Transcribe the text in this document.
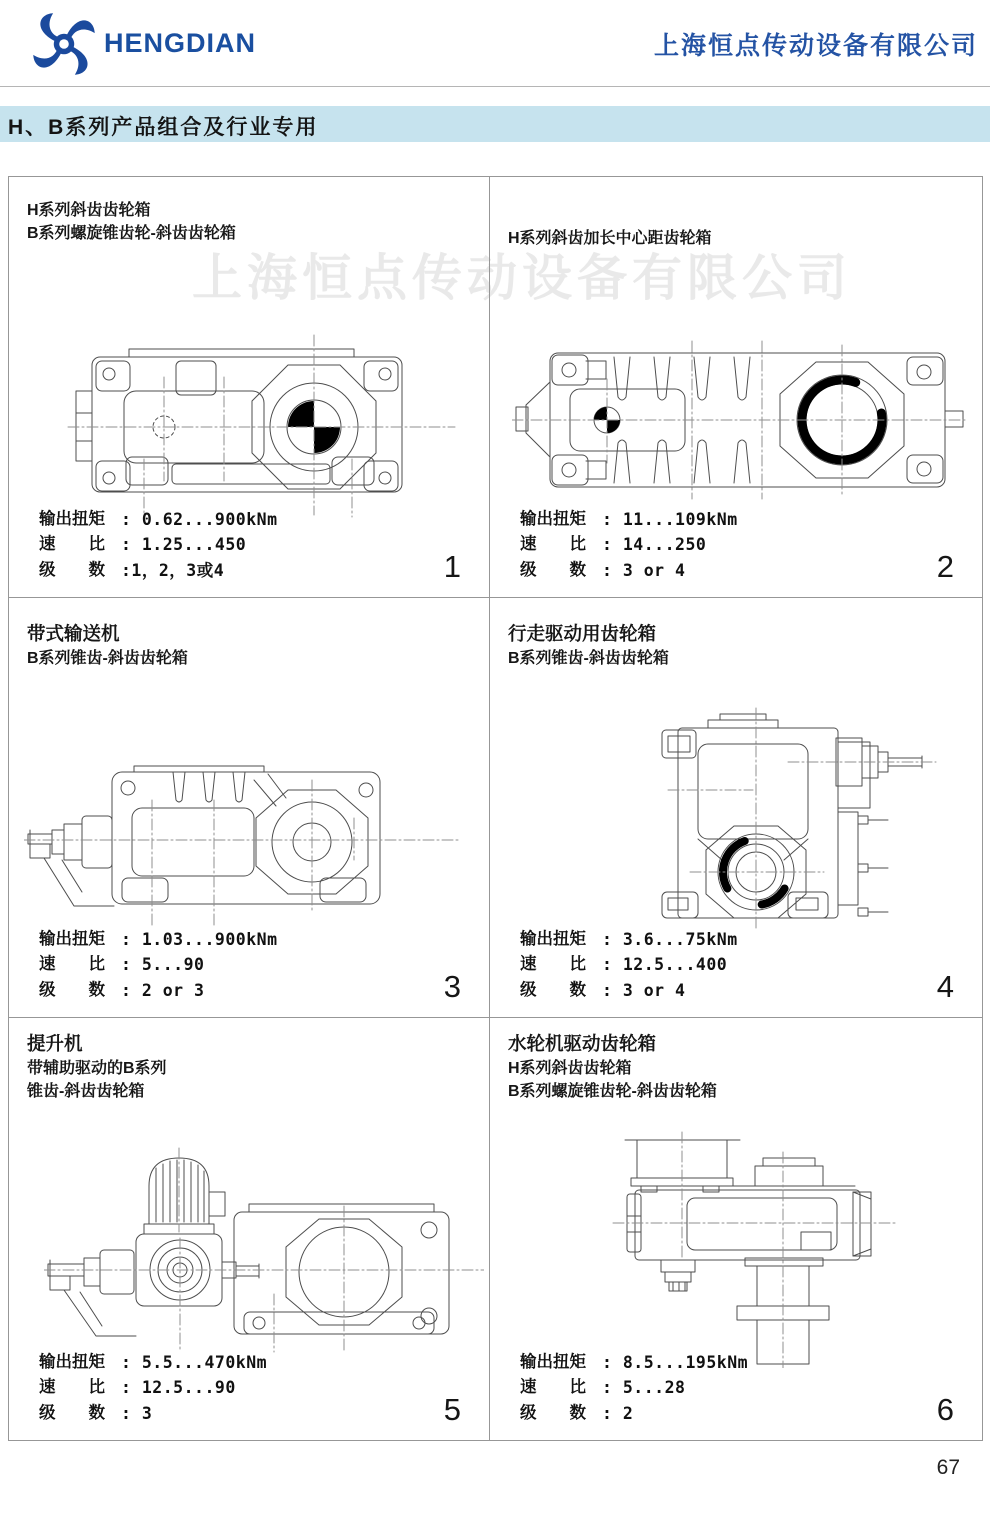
HENGDIAN	上海恒点传动设备有限公司
H、B系列产品组合及行业专用
上海恒点传动设备有限公司
H系列斜齿齿轮箱
B系列螺旋锥齿轮-斜齿齿轮箱
输出扭矩 : 0.62...900kNm
速　　比 : 1.25...450
级　　数 :1，2，3或4	1
H系列斜齿加长中心距齿轮箱
输出扭矩 : 11...109kNm
速　　比 : 14...250
级　　数 : 3 or 4	2
带式输送机
B系列锥齿-斜齿齿轮箱
输出扭矩 : 1.03...900kNm
速　　比 : 5...90
级　　数 : 2 or 3	3
行走驱动用齿轮箱
B系列锥齿-斜齿齿轮箱
输出扭矩 : 3.6...75kNm
速　　比 : 12.5...400
级　　数 : 3 or 4	4
提升机
带辅助驱动的B系列
锥齿-斜齿齿轮箱
输出扭矩 : 5.5...470kNm
速　　比 : 12.5...90
级　　数 : 3	5
水轮机驱动齿轮箱
H系列斜齿齿轮箱
B系列螺旋锥齿轮-斜齿齿轮箱
输出扭矩 : 8.5...195kNm
速　　比 : 5...28
级　　数 : 2	6
67
